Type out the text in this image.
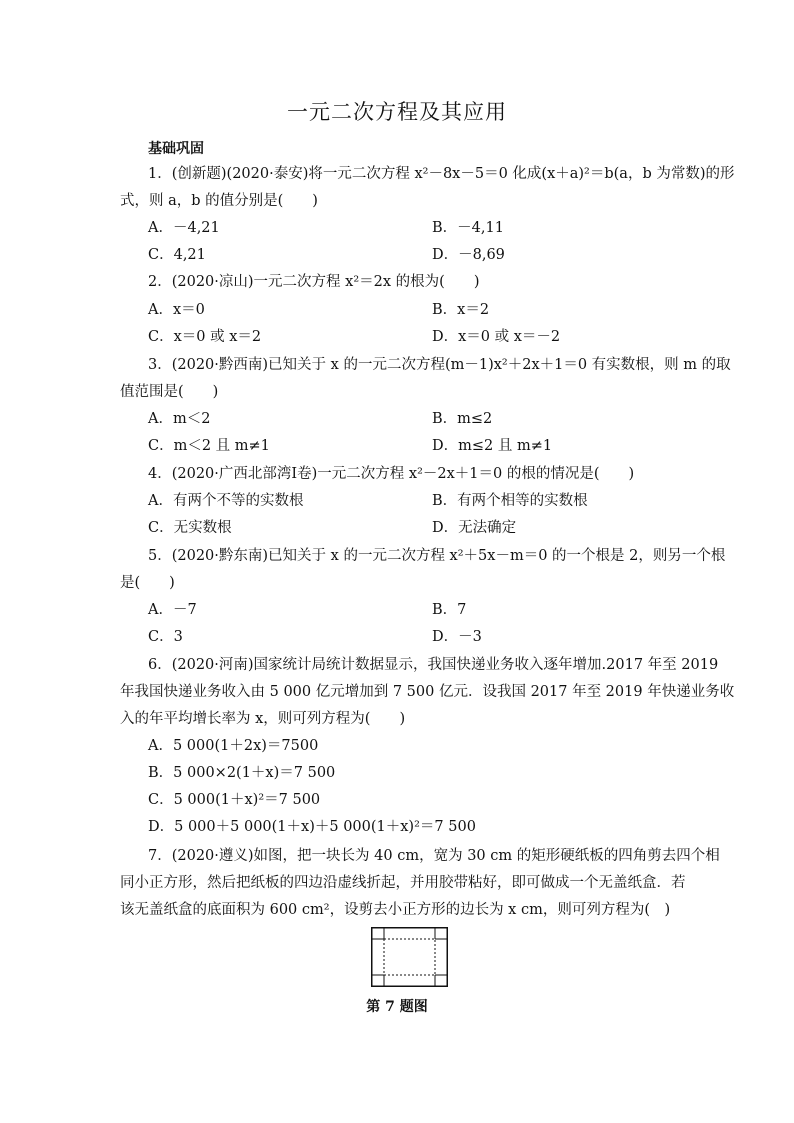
一元二次方程及其应用
基础巩固
1．(创新题)(2020·泰安)将一元二次方程 x²－8x－5＝0 化成(x＋a)²＝b(a，b 为常数)的形
式，则 a，b 的值分别是(　　)
A．－4,21	B．－4,11
C．4,21	D．－8,69
2．(2020·凉山)一元二次方程 x²＝2x 的根为(　　)
A．x＝0	B．x＝2
C．x＝0 或 x＝2	D．x＝0 或 x＝－2
3．(2020·黔西南)已知关于 x 的一元二次方程(m－1)x²＋2x＋1＝0 有实数根，则 m 的取
值范围是(　　)
A．m＜2	B．m≤2
C．m＜2 且 m≠1	D．m≤2 且 m≠1
4．(2020·广西北部湾Ⅰ卷)一元二次方程 x²－2x＋1＝0 的根的情况是(　　)
A．有两个不等的实数根	B．有两个相等的实数根
C．无实数根	D．无法确定
5．(2020·黔东南)已知关于 x 的一元二次方程 x²＋5x－m＝0 的一个根是 2，则另一个根
是(　　)
A．－7	B．7
C．3	D．－3
6．(2020·河南)国家统计局统计数据显示，我国快递业务收入逐年增加.2017 年至 2019
年我国快递业务收入由 5 000 亿元增加到 7 500 亿元．设我国 2017 年至 2019 年快递业务收
入的年平均增长率为 x，则可列方程为(　　)
A．5 000(1＋2x)＝7500
B．5 000×2(1＋x)＝7 500
C．5 000(1＋x)²＝7 500
D．5 000＋5 000(1＋x)＋5 000(1＋x)²＝7 500
7．(2020·遵义)如图，把一块长为 40 cm，宽为 30 cm 的矩形硬纸板的四角剪去四个相
同小正方形，然后把纸板的四边沿虚线折起，并用胶带粘好，即可做成一个无盖纸盒．若
该无盖纸盒的底面积为 600 cm²，设剪去小正方形的边长为 x cm，则可列方程为(　)
第 7 题图
